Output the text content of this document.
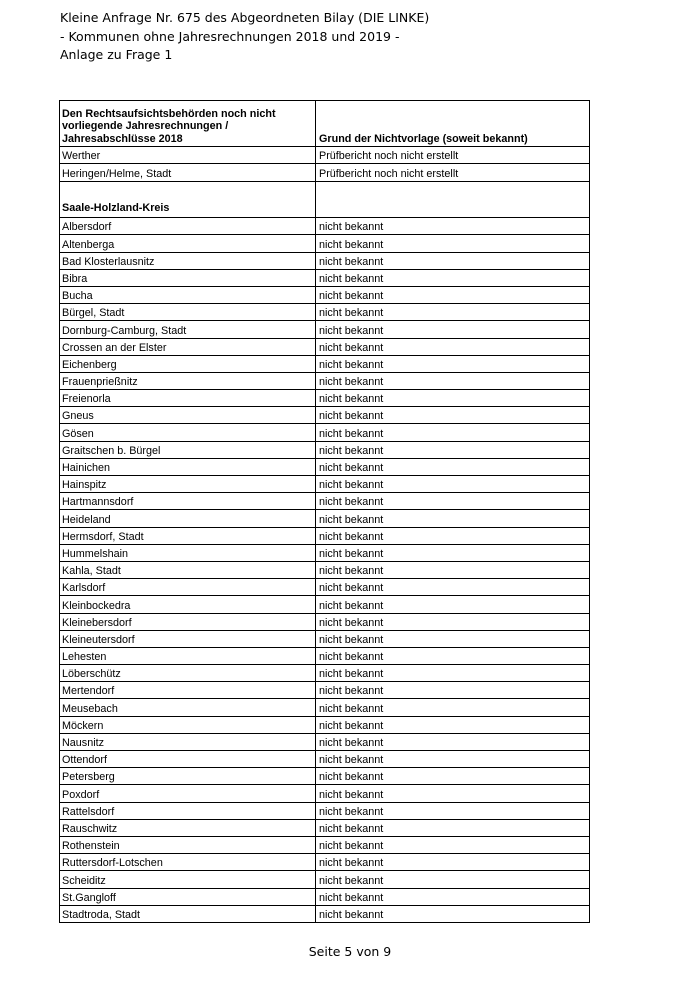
Kleine Anfrage Nr. 675 des Abgeordneten Bilay (DIE LINKE)
- Kommunen ohne Jahresrechnungen 2018 und 2019 -
Anlage zu Frage 1
Den Rechtsaufsichtsbehörden noch nicht vorliegende Jahresrechnungen / Jahresabschlüsse 2018	Grund der Nichtvorlage (soweit bekannt)
Werther	Prüfbericht noch nicht erstellt
Heringen/Helme, Stadt	Prüfbericht noch nicht erstellt
Saale-Holzland-Kreis	
Albersdorf	nicht bekannt
Altenberga	nicht bekannt
Bad Klosterlausnitz	nicht bekannt
Bibra	nicht bekannt
Bucha	nicht bekannt
Bürgel, Stadt	nicht bekannt
Dornburg-Camburg, Stadt	nicht bekannt
Crossen an der Elster	nicht bekannt
Eichenberg	nicht bekannt
Frauenprießnitz	nicht bekannt
Freienorla	nicht bekannt
Gneus	nicht bekannt
Gösen	nicht bekannt
Graitschen b. Bürgel	nicht bekannt
Hainichen	nicht bekannt
Hainspitz	nicht bekannt
Hartmannsdorf	nicht bekannt
Heideland	nicht bekannt
Hermsdorf, Stadt	nicht bekannt
Hummelshain	nicht bekannt
Kahla, Stadt	nicht bekannt
Karlsdorf	nicht bekannt
Kleinbockedra	nicht bekannt
Kleinebersdorf	nicht bekannt
Kleineutersdorf	nicht bekannt
Lehesten	nicht bekannt
Löberschütz	nicht bekannt
Mertendorf	nicht bekannt
Meusebach	nicht bekannt
Möckern	nicht bekannt
Nausnitz	nicht bekannt
Ottendorf	nicht bekannt
Petersberg	nicht bekannt
Poxdorf	nicht bekannt
Rattelsdorf	nicht bekannt
Rauschwitz	nicht bekannt
Rothenstein	nicht bekannt
Ruttersdorf-Lotschen	nicht bekannt
Scheiditz	nicht bekannt
St.Gangloff	nicht bekannt
Stadtroda, Stadt	nicht bekannt
Seite 5 von 9
